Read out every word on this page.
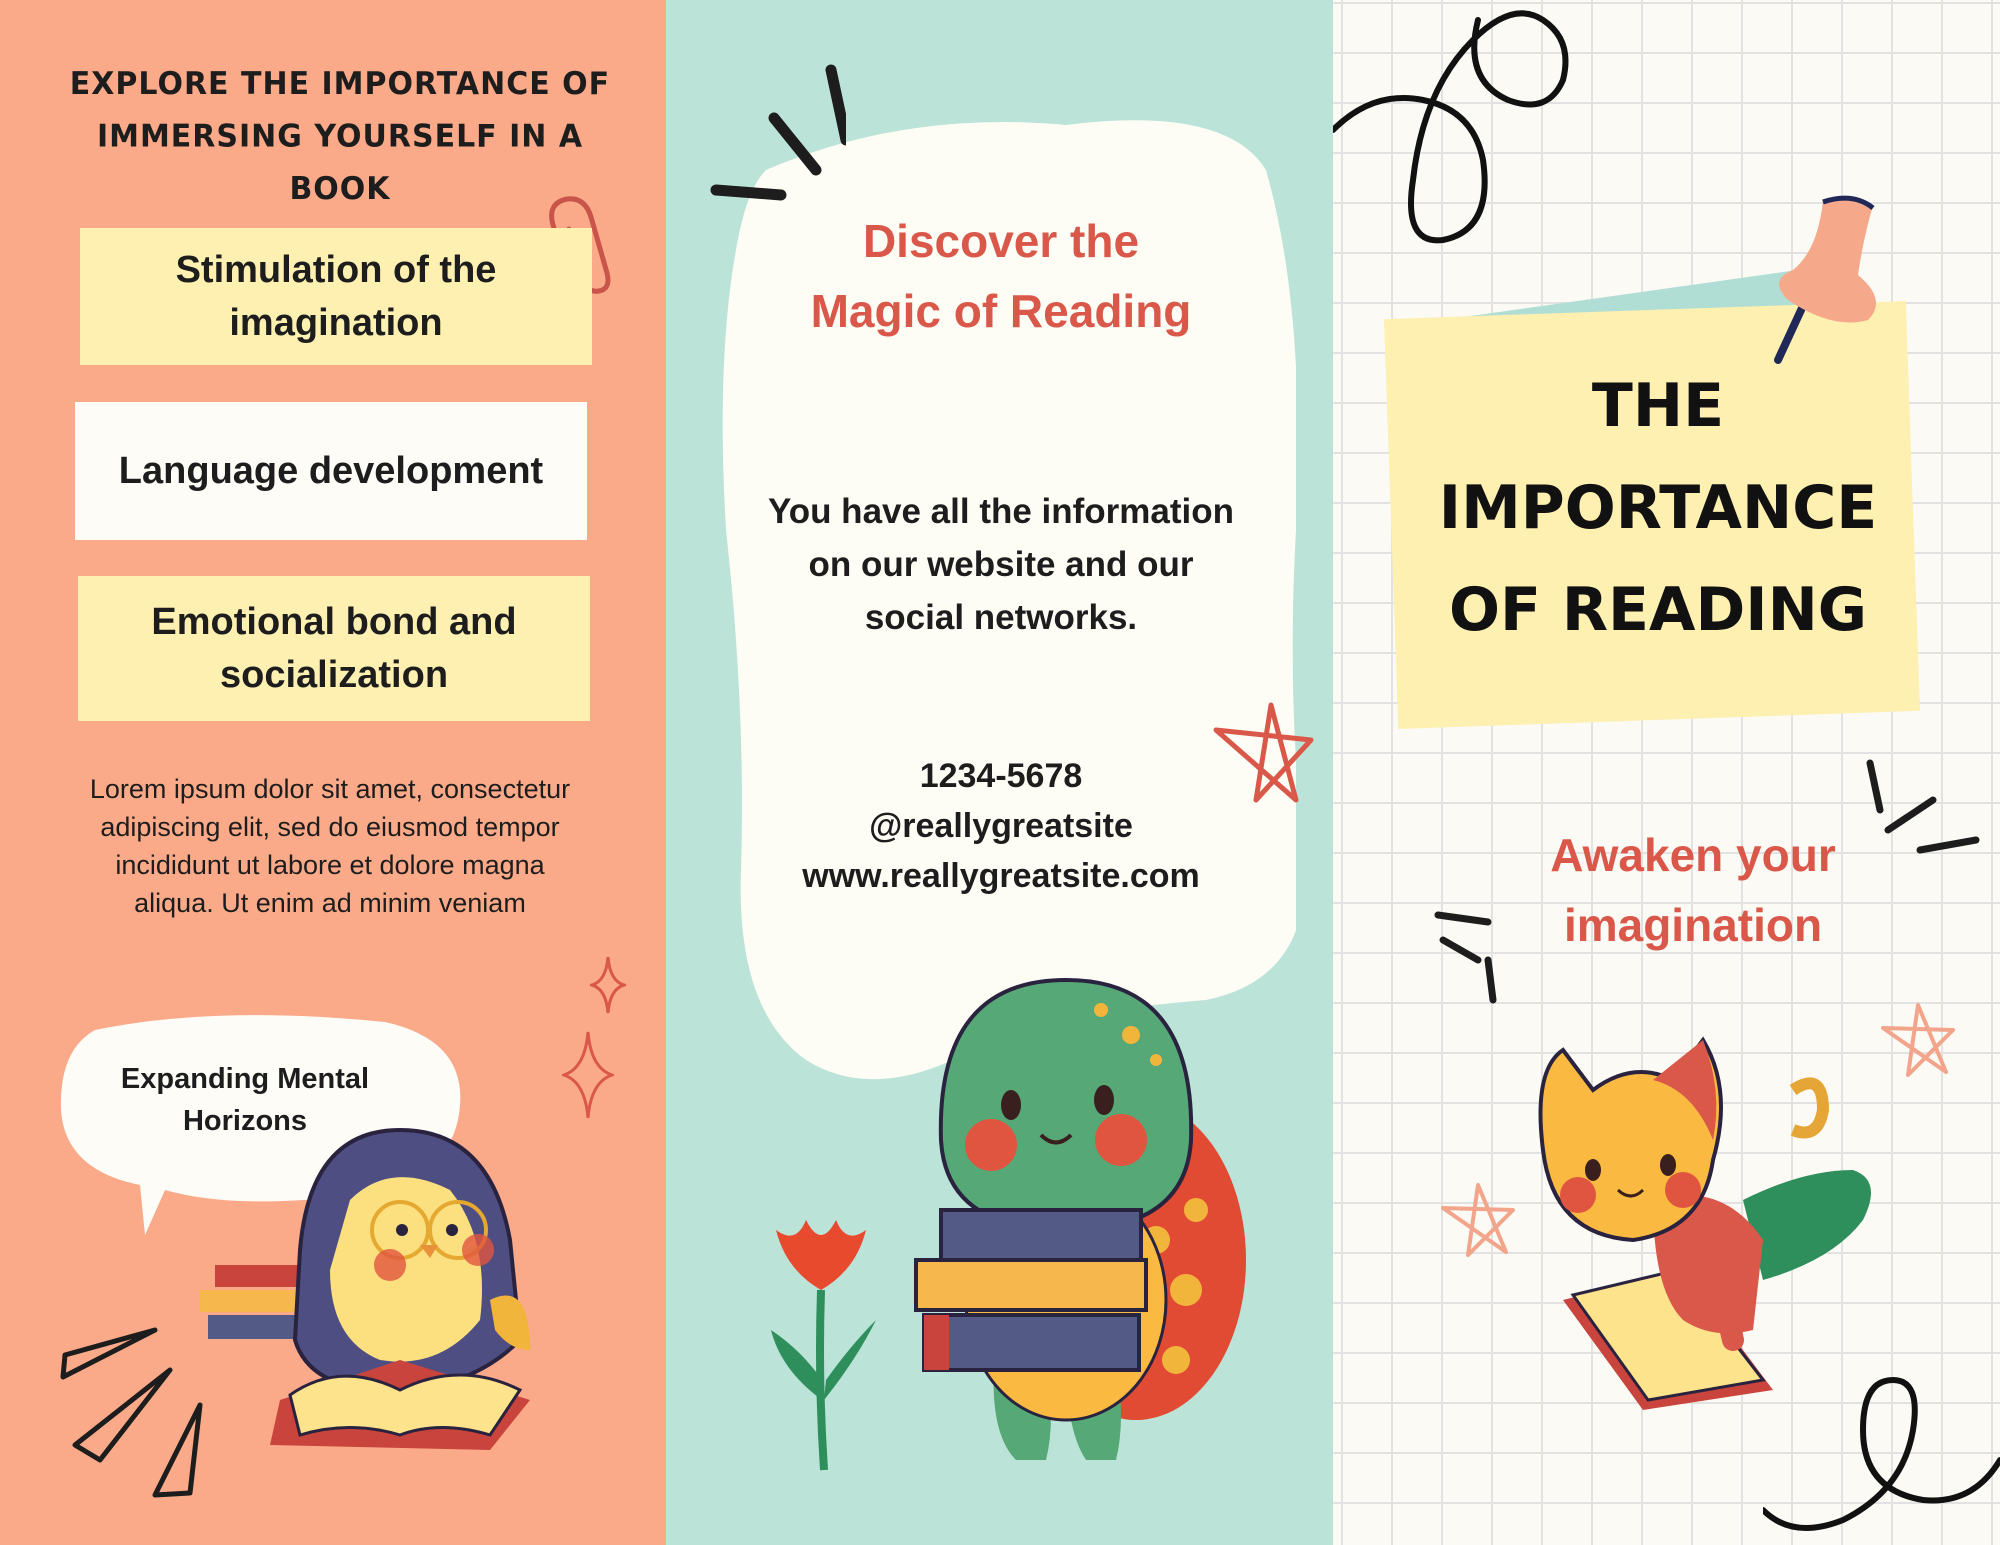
EXPLORE THE IMPORTANCE OF IMMERSING YOURSELF IN A BOOK
Stimulation of the imagination
Language development
Emotional bond and socialization
Lorem ipsum dolor sit amet, consectetur adipiscing elit, sed do eiusmod tempor incididunt ut labore et dolore magna aliqua. Ut enim ad minim veniam
Expanding Mental Horizons
Discover the Magic of Reading
You have all the information on our website and our social networks.
1234-5678
@reallygreatsite
www.reallygreatsite.com
THE IMPORTANCE OF READING
Awaken your imagination
